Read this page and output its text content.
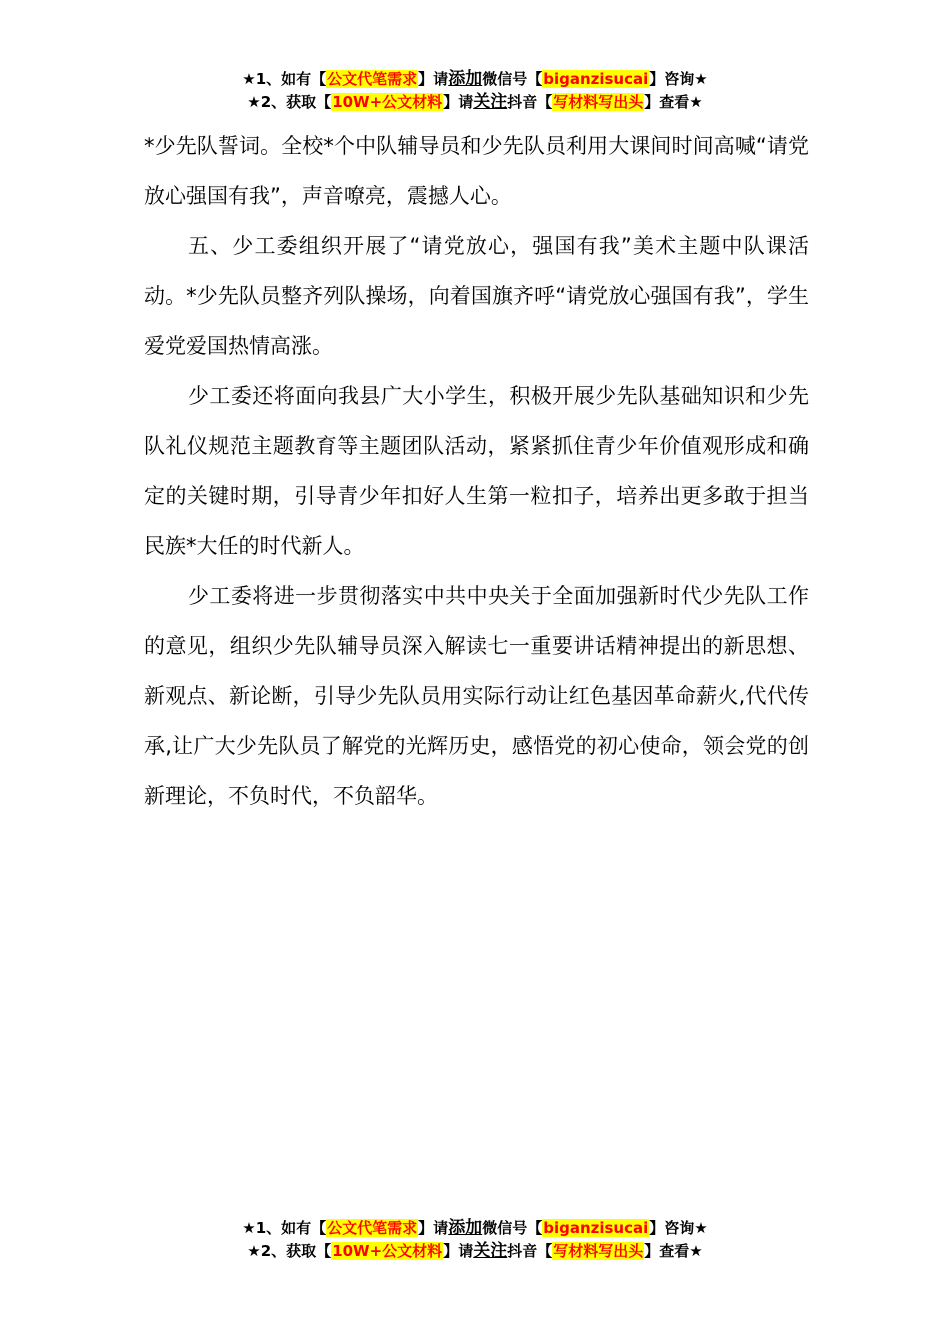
★1、如有【公文代笔需求】请添加微信号【biganzisucai】咨询★
★2、获取【10W+公文材料】请关注抖音【写材料写出头】查看★

*少先队誓词。全校*个中队辅导员和少先队员利用大课间时间高喊“请党放心强国有我”，声音嘹亮，震撼人心。

五、少工委组织开展了“请党放心，强国有我”美术主题中队课活动。*少先队员整齐列队操场，向着国旗齐呼“请党放心强国有我”，学生爱党爱国热情高涨。

少工委还将面向我县广大小学生，积极开展少先队基础知识和少先队礼仪规范主题教育等主题团队活动，紧紧抓住青少年价值观形成和确定的关键时期，引导青少年扣好人生第一粒扣子，培养出更多敢于担当民族*大任的时代新人。

少工委将进一步贯彻落实中共中央关于全面加强新时代少先队工作的意见，组织少先队辅导员深入解读七一重要讲话精神提出的新思想、新观点、新论断，引导少先队员用实际行动让红色基因革命薪火,代代传承,让广大少先队员了解党的光辉历史，感悟党的初心使命，领会党的创新理论，不负时代，不负韶华。

★1、如有【公文代笔需求】请添加微信号【biganzisucai】咨询★
★2、获取【10W+公文材料】请关注抖音【写材料写出头】查看★
